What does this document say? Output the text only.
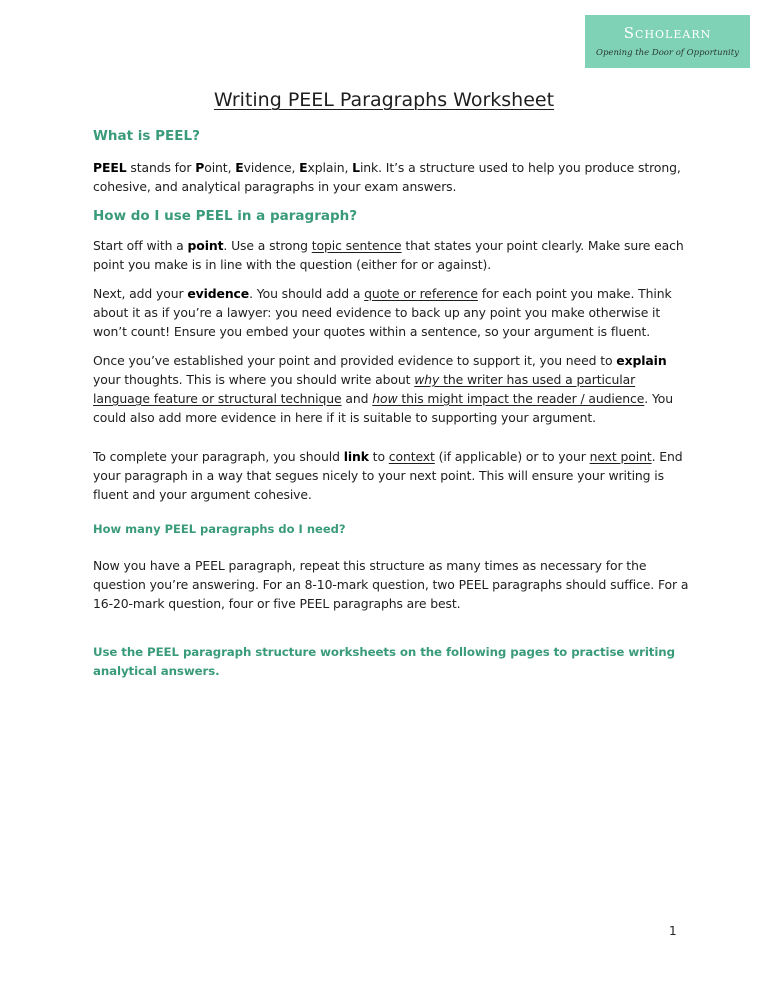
Scholearn
Opening the Door of Opportunity
Writing PEEL Paragraphs Worksheet
What is PEEL?

PEEL stands for Point, Evidence, Explain, Link. It’s a structure used to help you produce strong, cohesive, and analytical paragraphs in your exam answers.

How do I use PEEL in a paragraph?

Start off with a point. Use a strong topic sentence that states your point clearly. Make sure each point you make is in line with the question (either for or against).

Next, add your evidence. You should add a quote or reference for each point you make. Think about it as if you’re a lawyer: you need evidence to back up any point you make otherwise it won’t count! Ensure you embed your quotes within a sentence, so your argument is fluent.

Once you’ve established your point and provided evidence to support it, you need to explain your thoughts. This is where you should write about why the writer has used a particular language feature or structural technique and how this might impact the reader / audience. You could also add more evidence in here if it is suitable to supporting your argument.

To complete your paragraph, you should link to context (if applicable) or to your next point. End your paragraph in a way that segues nicely to your next point. This will ensure your writing is fluent and your argument cohesive.

How many PEEL paragraphs do I need?

Now you have a PEEL paragraph, repeat this structure as many times as necessary for the question you’re answering. For an 8-10-mark question, two PEEL paragraphs should suffice. For a 16-20-mark question, four or five PEEL paragraphs are best.

Use the PEEL paragraph structure worksheets on the following pages to practise writing analytical answers.

1
